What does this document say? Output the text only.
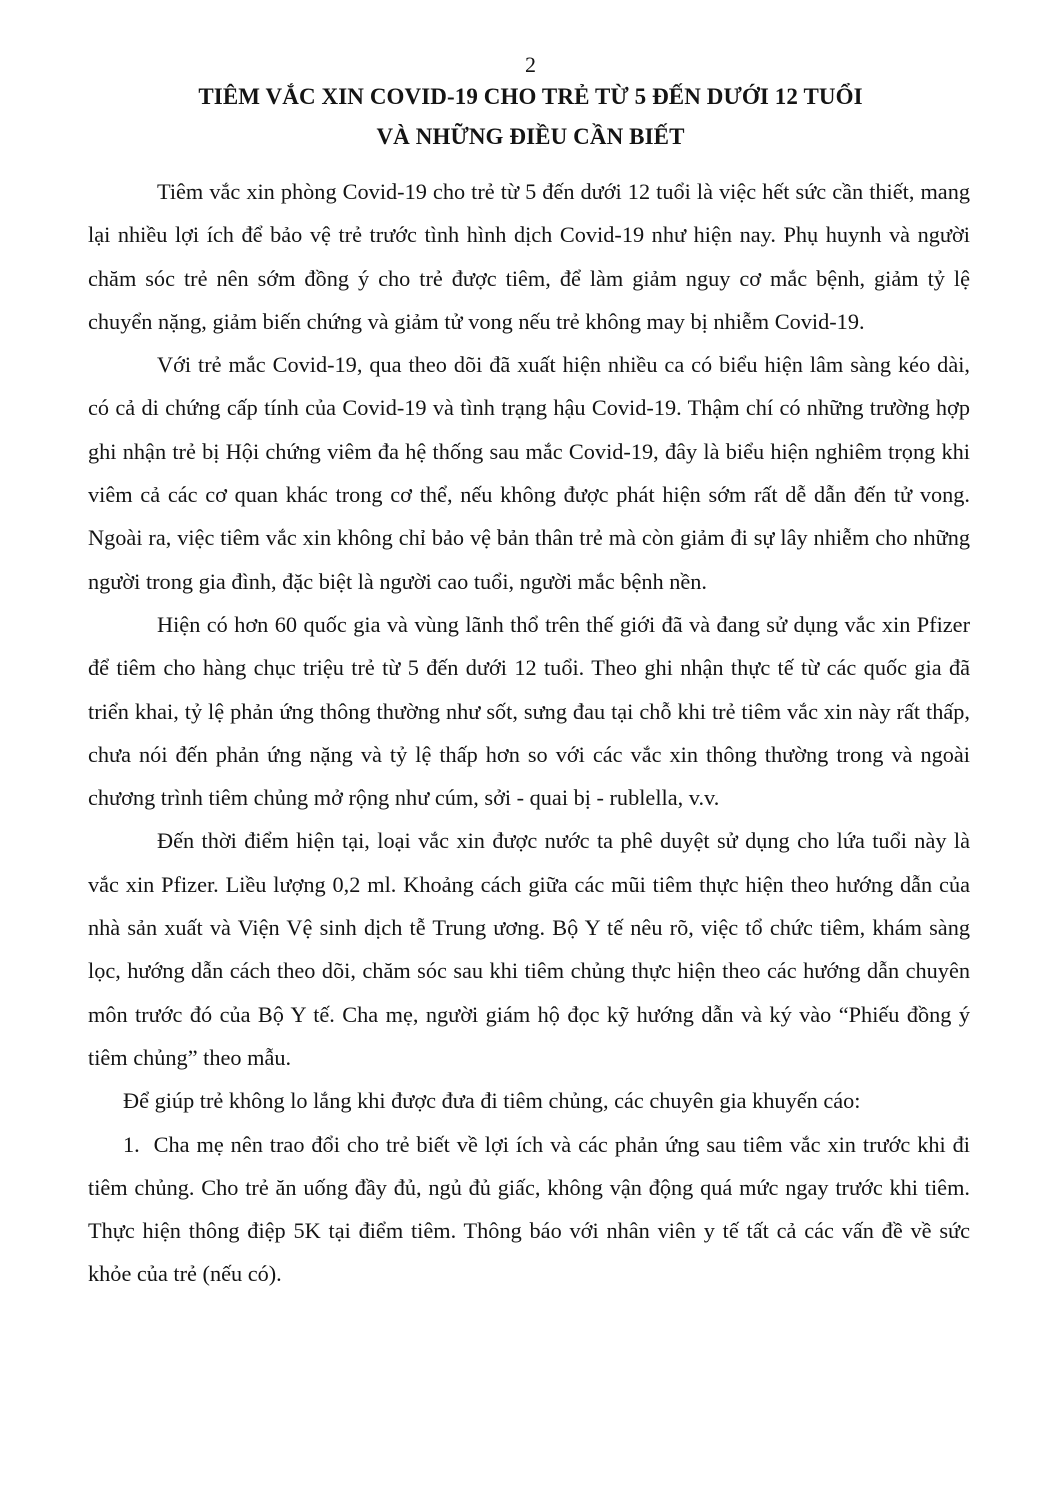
2
TIÊM VẮC XIN COVID-19 CHO TRẺ TỪ 5 ĐẾN DƯỚI 12 TUỔI
VÀ NHỮNG ĐIỀU CẦN BIẾT

Tiêm vắc xin phòng Covid-19 cho trẻ từ 5 đến dưới 12 tuổi là việc hết sức cần thiết, mang lại nhiều lợi ích để bảo vệ trẻ trước tình hình dịch Covid-19 như hiện nay. Phụ huynh và người chăm sóc trẻ nên sớm đồng ý cho trẻ được tiêm, để làm giảm nguy cơ mắc bệnh, giảm tỷ lệ chuyển nặng, giảm biến chứng và giảm tử vong nếu trẻ không may bị nhiễm Covid-19.

Với trẻ mắc Covid-19, qua theo dõi đã xuất hiện nhiều ca có biểu hiện lâm sàng kéo dài, có cả di chứng cấp tính của Covid-19 và tình trạng hậu Covid-19. Thậm chí có những trường hợp ghi nhận trẻ bị Hội chứng viêm đa hệ thống sau mắc Covid-19, đây là biểu hiện nghiêm trọng khi viêm cả các cơ quan khác trong cơ thể, nếu không được phát hiện sớm rất dễ dẫn đến tử vong. Ngoài ra, việc tiêm vắc xin không chỉ bảo vệ bản thân trẻ mà còn giảm đi sự lây nhiễm cho những người trong gia đình, đặc biệt là người cao tuổi, người mắc bệnh nền.

Hiện có hơn 60 quốc gia và vùng lãnh thổ trên thế giới đã và đang sử dụng vắc xin Pfizer để tiêm cho hàng chục triệu trẻ từ 5 đến dưới 12 tuổi. Theo ghi nhận thực tế từ các quốc gia đã triển khai, tỷ lệ phản ứng thông thường như sốt, sưng đau tại chỗ khi trẻ tiêm vắc xin này rất thấp, chưa nói đến phản ứng nặng và tỷ lệ thấp hơn so với các vắc xin thông thường trong và ngoài chương trình tiêm chủng mở rộng như cúm, sởi - quai bị - rublella, v.v.

Đến thời điểm hiện tại, loại vắc xin được nước ta phê duyệt sử dụng cho lứa tuổi này là vắc xin Pfizer. Liều lượng 0,2 ml. Khoảng cách giữa các mũi tiêm thực hiện theo hướng dẫn của nhà sản xuất và Viện Vệ sinh dịch tễ Trung ương. Bộ Y tế nêu rõ, việc tổ chức tiêm, khám sàng lọc, hướng dẫn cách theo dõi, chăm sóc sau khi tiêm chủng thực hiện theo các hướng dẫn chuyên môn trước đó của Bộ Y tế. Cha mẹ, người giám hộ đọc kỹ hướng dẫn và ký vào “Phiếu đồng ý tiêm chủng” theo mẫu.

Để giúp trẻ không lo lắng khi được đưa đi tiêm chủng, các chuyên gia khuyến cáo:

1. Cha mẹ nên trao đổi cho trẻ biết về lợi ích và các phản ứng sau tiêm vắc xin trước khi đi tiêm chủng. Cho trẻ ăn uống đầy đủ, ngủ đủ giấc, không vận động quá mức ngay trước khi tiêm. Thực hiện thông điệp 5K tại điểm tiêm. Thông báo với nhân viên y tế tất cả các vấn đề về sức khỏe của trẻ (nếu có).
